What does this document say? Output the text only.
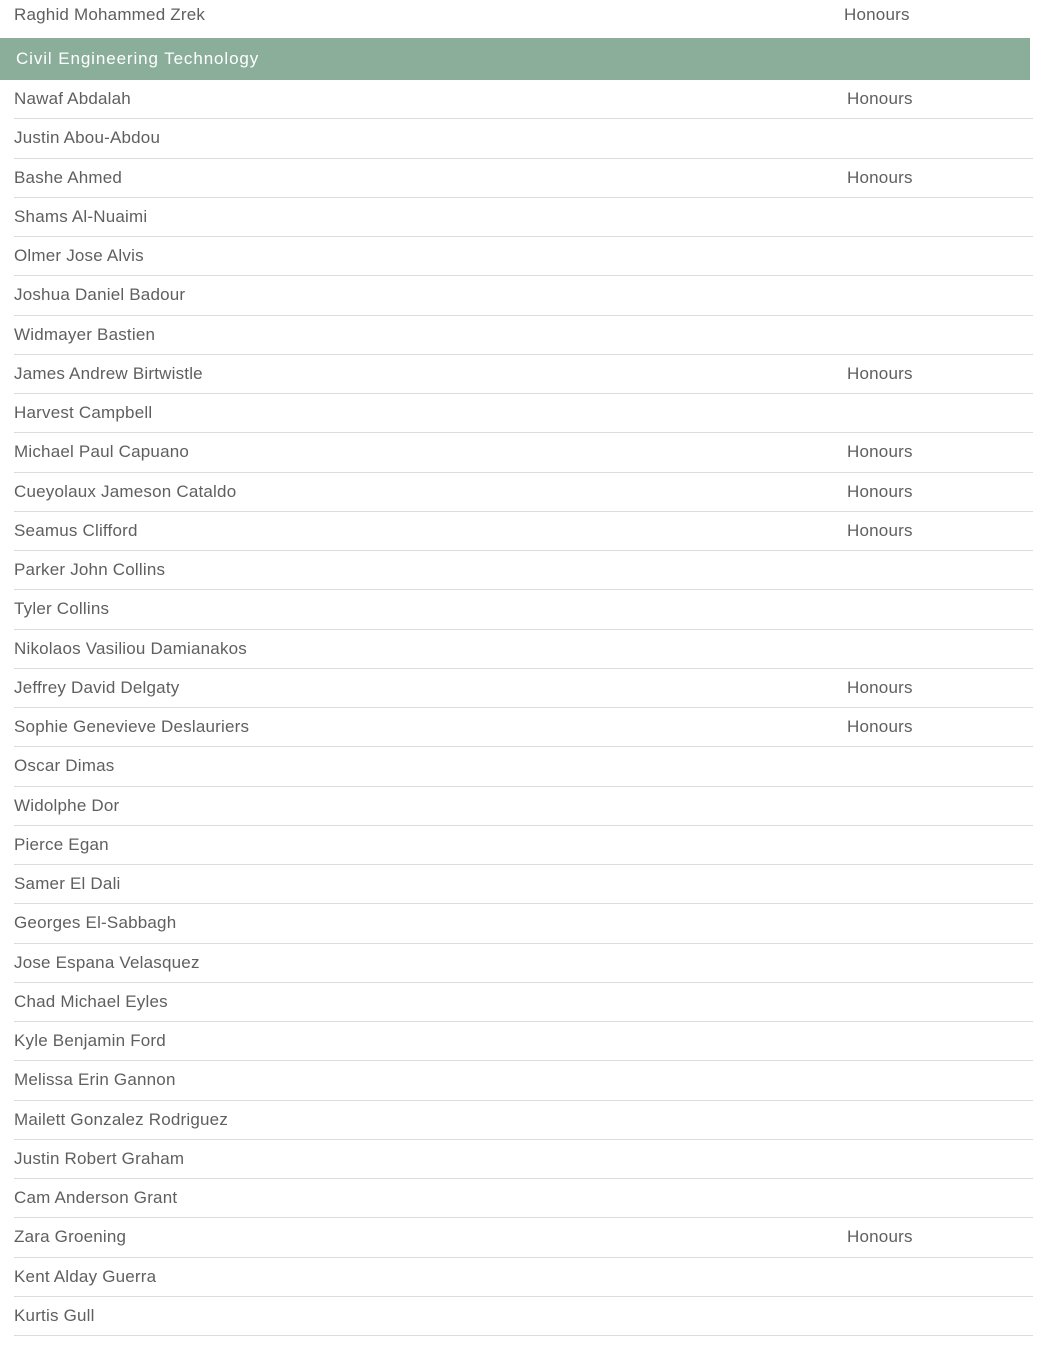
Raghid Mohammed Zrek	Honours
Civil Engineering Technology
Nawaf Abdalah	Honours
Justin Abou-Abdou
Bashe Ahmed	Honours
Shams Al-Nuaimi
Olmer Jose Alvis
Joshua Daniel Badour
Widmayer Bastien
James Andrew Birtwistle	Honours
Harvest Campbell
Michael Paul Capuano	Honours
Cueyolaux Jameson Cataldo	Honours
Seamus Clifford	Honours
Parker John Collins
Tyler Collins
Nikolaos Vasiliou Damianakos
Jeffrey David Delgaty	Honours
Sophie Genevieve Deslauriers	Honours
Oscar Dimas
Widolphe Dor
Pierce Egan
Samer El Dali
Georges El-Sabbagh
Jose Espana Velasquez
Chad Michael Eyles
Kyle Benjamin Ford
Melissa Erin Gannon
Mailett Gonzalez Rodriguez
Justin Robert Graham
Cam Anderson Grant
Zara Groening	Honours
Kent Alday Guerra
Kurtis Gull
